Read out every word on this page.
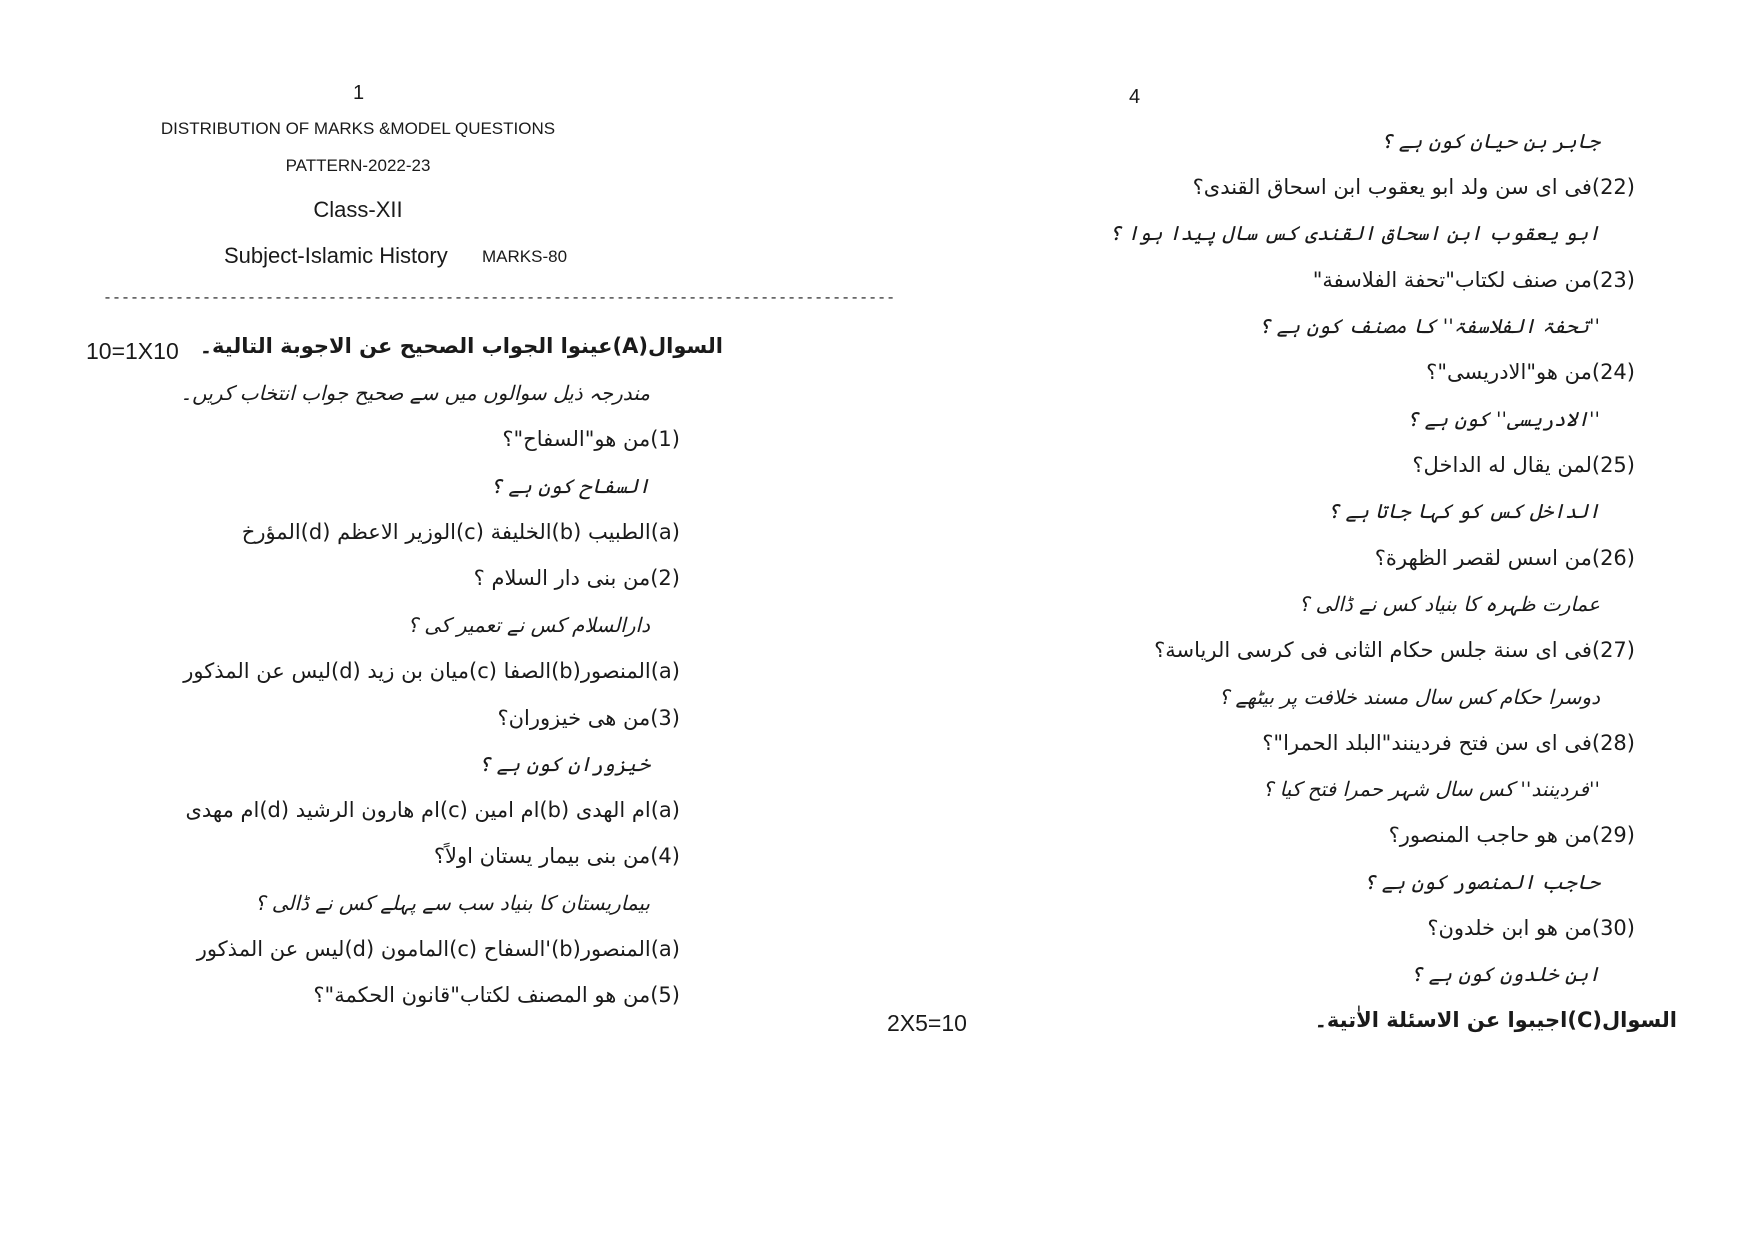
1
DISTRIBUTION OF MARKS &MODEL QUESTIONS
PATTERN-2022-23
Class-XII
Subject-Islamic History MARKS-80
----------------------------------------------------------------------------------------
10=1X10 السوال(A)عينوا الجواب الصحيح عن الاجوبة التالية۔
مندرجہ ذیل سوالوں میں سے صحیح جواب انتخاب کریں۔
(1)من هو"السفاح"؟
السفاح کون ہے ؟
(a)الطبيب (b)الخليفة (c)الوزير الاعظم (d)المؤرخ
(2)من بنى دار السلام ؟
دارالسلام کس نے تعمیر کی ؟
(a)المنصور(b)الصفا (c)ميان بن زيد (d)ليس عن المذكور
(3)من هى خيزوران؟
خیزوران کون ہے ؟
(a)ام الهدى (b)ام امين (c)ام هارون الرشيد (d)ام مهدى
(4)من بنى بيمار يستان اولاً؟
بیماریستان کا بنیاد سب سے پہلے کس نے ڈالی ؟
(a)المنصور(b)'السفاح (c)المامون (d)ليس عن المذكور
(5)من هو المصنف لكتاب"قانون الحكمة"؟
4
2X5=10
جابر بن حیان کون ہے ؟
(22)فى اى سن ولد ابو يعقوب ابن اسحاق القندى؟
ابو یعقوب ابن اسحاق القندی کس سال پیدا ہوا ؟
(23)من صنف لكتاب"تحفة الفلاسفة"
''تحفۃ الفلاسفۃ'' کا مصنف کون ہے ؟
(24)من هو"الادريسى"؟
''الادریسی'' کون ہے ؟
(25)لمن يقال له الداخل؟
الداخل کس کو کہا جاتا ہے ؟
(26)من اسس لقصر الظهرة؟
عمارت ظہرہ کا بنیاد کس نے ڈالی ؟
(27)فى اى سنة جلس حكام الثانى فى كرسى الرياسة؟
دوسرا حکام کس سال مسند خلافت پر بیٹھے ؟
(28)فى اى سن فتح فردينند"البلد الحمرا"؟
''فردینند'' کس سال شہر حمرا فتح کیا ؟
(29)من هو حاجب المنصور؟
حاجب المنصور کون ہے ؟
(30)من هو ابن خلدون؟
ابن خلدون کون ہے ؟
السوال(C)اجيبوا عن الاسئلة الاٰتية۔
